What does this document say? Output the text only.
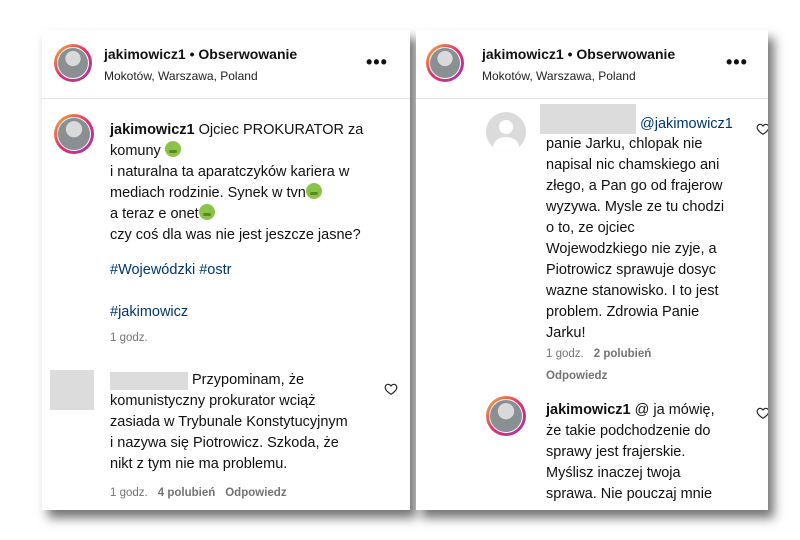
jakimowicz1 • Obserwowanie
Mokotów, Warszawa, Poland
•••
jakimowicz1 Ojciec PROKURATOR za
komuny
i naturalna ta aparatczyków kariera w
mediach rodzinie. Synek w tvn
a teraz e onet
czy coś dla was nie jest jeszcze jasne?
#Wojewódzki #ostr
#jakimowicz
1 godz.
Przypominam, że
komunistyczny prokurator wciąż
zasiada w Trybunale Konstytucyjnym
i nazywa się Piotrowicz. Szkoda, że
nikt z tym nie ma problemu.
1 godz. 4 polubień Odpowiedz
jakimowicz1 • Obserwowanie
Mokotów, Warszawa, Poland
•••
@jakimowicz1
panie Jarku, chlopak nie
napisal nic chamskiego ani
złego, a Pan go od frajerow
wyzywa. Mysle ze tu chodzi
o to, ze ojciec
Wojewodzkiego nie zyje, a
Piotrowicz sprawuje dosyc
wazne stanowisko. I to jest
problem. Zdrowia Panie
Jarku!
1 godz. 2 polubień
Odpowiedz
jakimowicz1 @ ja mówię,
że takie podchodzenie do
sprawy jest frajerskie.
Myślisz inaczej twoja
sprawa. Nie pouczaj mnie
